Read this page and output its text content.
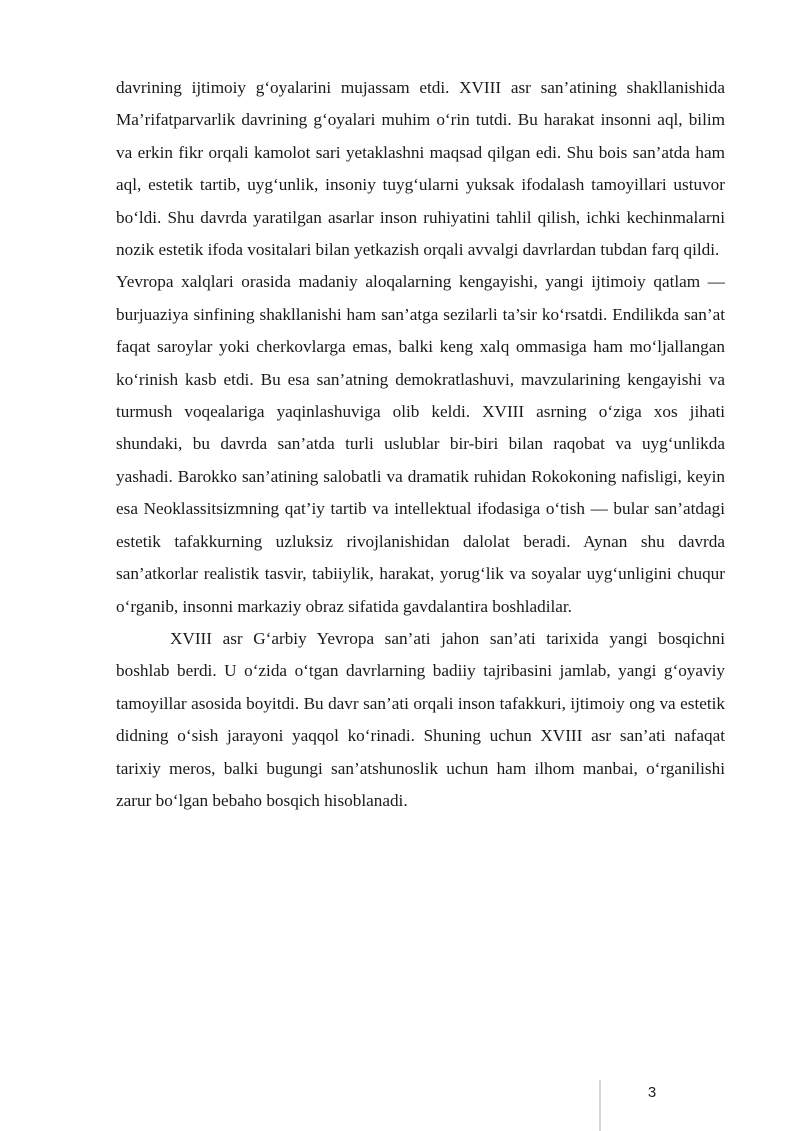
davrining ijtimoiy g‘oyalarini mujassam etdi. XVIII asr san’atining shakllanishida Ma’rifatparvarlik davrining g‘oyalari muhim o‘rin tutdi. Bu harakat insonni aql, bilim va erkin fikr orqali kamolot sari yetaklashni maqsad qilgan edi. Shu bois san’atda ham aql, estetik tartib, uyg‘unlik, insoniy tuyg‘ularni yuksak ifodalash tamoyillari ustuvor bo‘ldi. Shu davrda yaratilgan asarlar inson ruhiyatini tahlil qilish, ichki kechinmalarni nozik estetik ifoda vositalari bilan yetkazish orqali avvalgi davrlardan tubdan farq qildi.

Yevropa xalqlari orasida madaniy aloqalarning kengayishi, yangi ijtimoiy qatlam — burjuaziya sinfining shakllanishi ham san’atga sezilarli ta’sir ko‘rsatdi. Endilikda san’at faqat saroylar yoki cherkovlarga emas, balki keng xalq ommasiga ham mo‘ljallangan ko‘rinish kasb etdi. Bu esa san’atning demokratlashuvi, mavzularining kengayishi va turmush voqealariga yaqinlashuviga olib keldi. XVIII asrning o‘ziga xos jihati shundaki, bu davrda san’atda turli uslublar bir-biri bilan raqobat va uyg‘unlikda yashadi. Barokko san’atining salobatli va dramatik ruhidan Rokokoning nafisligi, keyin esa Neoklassitsizmning qat’iy tartib va intellektual ifodasiga o‘tish — bular san’atdagi estetik tafakkurning uzluksiz rivojlanishidan dalolat beradi. Aynan shu davrda san’atkorlar realistik tasvir, tabiiylik, harakat, yorug‘lik va soyalar uyg‘unligini chuqur o‘rganib, insonni markaziy obraz sifatida gavdalantira boshladilar.

XVIII asr G‘arbiy Yevropa san’ati jahon san’ati tarixida yangi bosqichni boshlab berdi. U o‘zida o‘tgan davrlarning badiiy tajribasini jamlab, yangi g‘oyaviy tamoyillar asosida boyitdi. Bu davr san’ati orqali inson tafakkuri, ijtimoiy ong va estetik didning o‘sish jarayoni yaqqol ko‘rinadi. Shuning uchun XVIII asr san’ati nafaqat tarixiy meros, balki bugungi san’atshunoslik uchun ham ilhom manbai, o‘rganilishi zarur bo‘lgan bebaho bosqich hisoblanadi.

3
